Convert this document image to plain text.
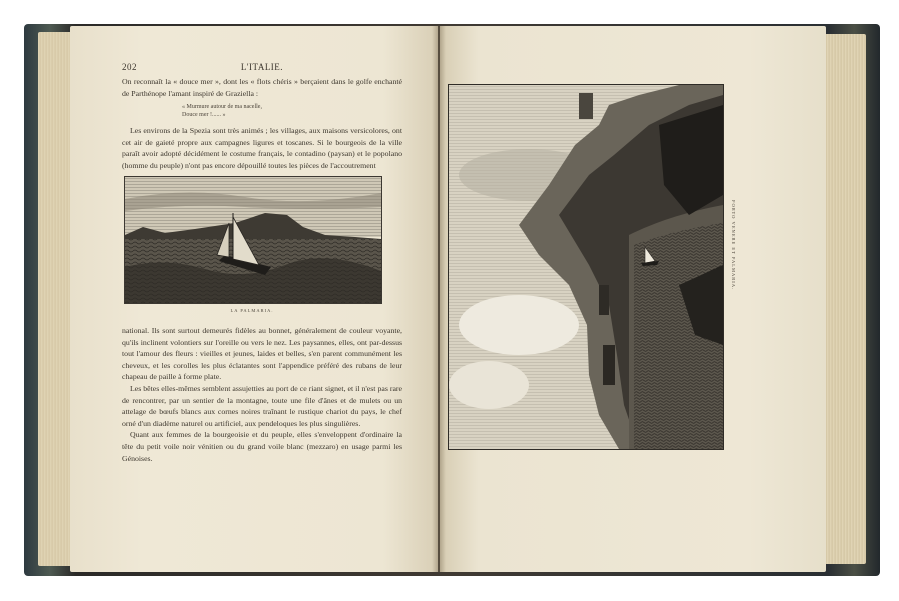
202	L'ITALIE.

On reconnaît la « douce mer », dont les « flots chéris » berçaient dans le golfe enchanté de Parthénope l'amant inspiré de Graziella :

« Murmure autour de ma nacelle,
Douce mer !...... »

Les environs de la Spezia sont très animés ; les villages, aux maisons versicolores, ont cet air de gaieté propre aux campagnes ligures et toscanes. Si le bourgeois de la ville paraît avoir adopté décidément le costume français, le contadino (paysan) et le popolano (homme du peuple) n'ont pas encore dépouillé toutes les pièces de l'accoutrement

LA PALMARIA.

national. Ils sont surtout demeurés fidèles au bonnet, généralement de couleur voyante, qu'ils inclinent volontiers sur l'oreille ou vers le nez. Les paysannes, elles, ont par-dessus tout l'amour des fleurs : vieilles et jeunes, laides et belles, s'en parent communément les cheveux, et les corolles les plus éclatantes sont l'appendice préféré des rubans de leur chapeau de paille à forme plate.

Les bêtes elles-mêmes semblent assujetties au port de ce riant signet, et il n'est pas rare de rencontrer, par un sentier de la montagne, toute une file d'ânes et de mulets ou un attelage de bœufs blancs aux cornes noires traînant le rustique chariot du pays, le chef orné d'un diadème naturel ou artificiel, aux pendeloques les plus singulières.

Quant aux femmes de la bourgeoisie et du peuple, elles s'enveloppent d'ordinaire la tête du petit voile noir vénitien ou du grand voile blanc (mezzaro) en usage parmi les Génoises.

PORTO VENERE ET PALMARIA.
